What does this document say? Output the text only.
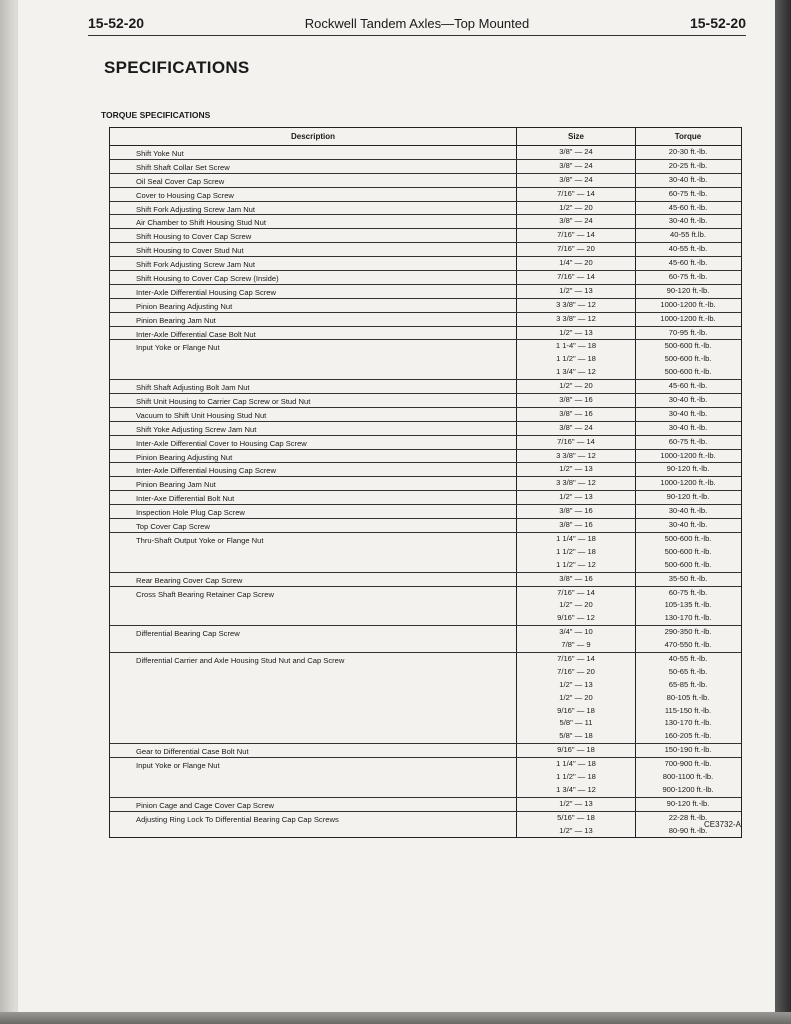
15-52-20	Rockwell Tandem Axles—Top Mounted	15-52-20
SPECIFICATIONS
TORQUE SPECIFICATIONS
Description	Size	Torque
Shift Yoke Nut	3/8" — 24	20-30 ft.-lb.
Shift Shaft Collar Set Screw	3/8" — 24	20-25 ft.-lb.
Oil Seal Cover Cap Screw	3/8" — 24	30-40 ft.-lb.
Cover to Housing Cap Screw	7/16" — 14	60-75 ft.-lb.
Shift Fork Adjusting Screw Jam Nut	1/2" — 20	45-60 ft.-lb.
Air Chamber to Shift Housing Stud Nut	3/8" — 24	30-40 ft.-lb.
Shift Housing to Cover Cap Screw	7/16" — 14	40-55 ft.lb.
Shift Housing to Cover Stud Nut	7/16" — 20	40-55 ft.-lb.
Shift Fork Adjusting Screw Jam Nut	1/4" — 20	45-60 ft.-lb.
Shift Housing to Cover Cap Screw (Inside)	7/16" — 14	60-75 ft.-lb.
Inter-Axle Differential Housing Cap Screw	1/2" — 13	90-120 ft.-lb.
Pinion Bearing Adjusting Nut	3 3/8" — 12	1000-1200 ft.-lb.
Pinion Bearing Jam Nut	3 3/8" — 12	1000-1200 ft.-lb.
Inter-Axle Differential Case Bolt Nut	1/2" — 13	70-95 ft.-lb.
Input Yoke or Flange Nut	1 1-4" — 18	500-600 ft.-lb.
1 1/2" — 18	500-600 ft.-lb.
1 3/4" — 12	500-600 ft.-lb.
Shift Shaft Adjusting Bolt Jam Nut	1/2" — 20	45-60 ft.-lb.
Shift Unit Housing to Carrier Cap Screw or Stud Nut	3/8" — 16	30-40 ft.-lb.
Vacuum to Shift Unit Housing Stud Nut	3/8" — 16	30-40 ft.-lb.
Shift Yoke Adjusting Screw Jam Nut	3/8" — 24	30-40 ft.-lb.
Inter-Axle Differential Cover to Housing Cap Screw	7/16" — 14	60-75 ft.-lb.
Pinion Bearing Adjusting Nut	3 3/8" — 12	1000-1200 ft.-lb.
Inter-Axle Differential Housing Cap Screw	1/2" — 13	90-120 ft.-lb.
Pinion Bearing Jam Nut	3 3/8" — 12	1000-1200 ft.-lb.
Inter-Axe Differential Bolt Nut	1/2" — 13	90-120 ft.-lb.
Inspection Hole Plug Cap Screw	3/8" — 16	30-40 ft.-lb.
Top Cover Cap Screw	3/8" — 16	30-40 ft.-lb.
Thru-Shaft Output Yoke or Flange Nut	1 1/4" — 18	500-600 ft.-lb.
1 1/2" — 18	500-600 ft.-lb.
1 1/2" — 12	500-600 ft.-lb.
Rear Bearing Cover Cap Screw	3/8" — 16	35-50 ft.-lb.
Cross Shaft Bearing Retainer Cap Screw	7/16" — 14	60-75 ft.-lb.
1/2" — 20	105-135 ft.-lb.
9/16" — 12	130-170 ft.-lb.
Differential Bearing Cap Screw	3/4" — 10	290-350 ft.-lb.
7/8" — 9	470-550 ft.-lb.
Differential Carrier and Axle Housing Stud Nut and Cap Screw	7/16" — 14	40-55 ft.-lb.
7/16" — 20	50-65 ft.-lb.
1/2" — 13	65-85 ft.-lb.
1/2" — 20	80-105 ft.-lb.
9/16" — 18	115-150 ft.-lb.
5/8" — 11	130-170 ft.-lb.
5/8" — 18	160-205 ft.-lb.
Gear to Differential Case Bolt Nut	9/16" — 18	150-190 ft.-lb.
Input Yoke or Flange Nut	1 1/4" — 18	700-900 ft.-lb.
1 1/2" — 18	800-1100 ft.-lb.
1 3/4" — 12	900-1200 ft.-lb.
Pinion Cage and Cage Cover Cap Screw	1/2" — 13	90-120 ft.-lb.
Adjusting Ring Lock To Differential Bearing Cap Cap Screws	5/16" — 18	22-28 ft.-lb.
1/2" — 13	80-90 ft.-lb.
CE3732-A
